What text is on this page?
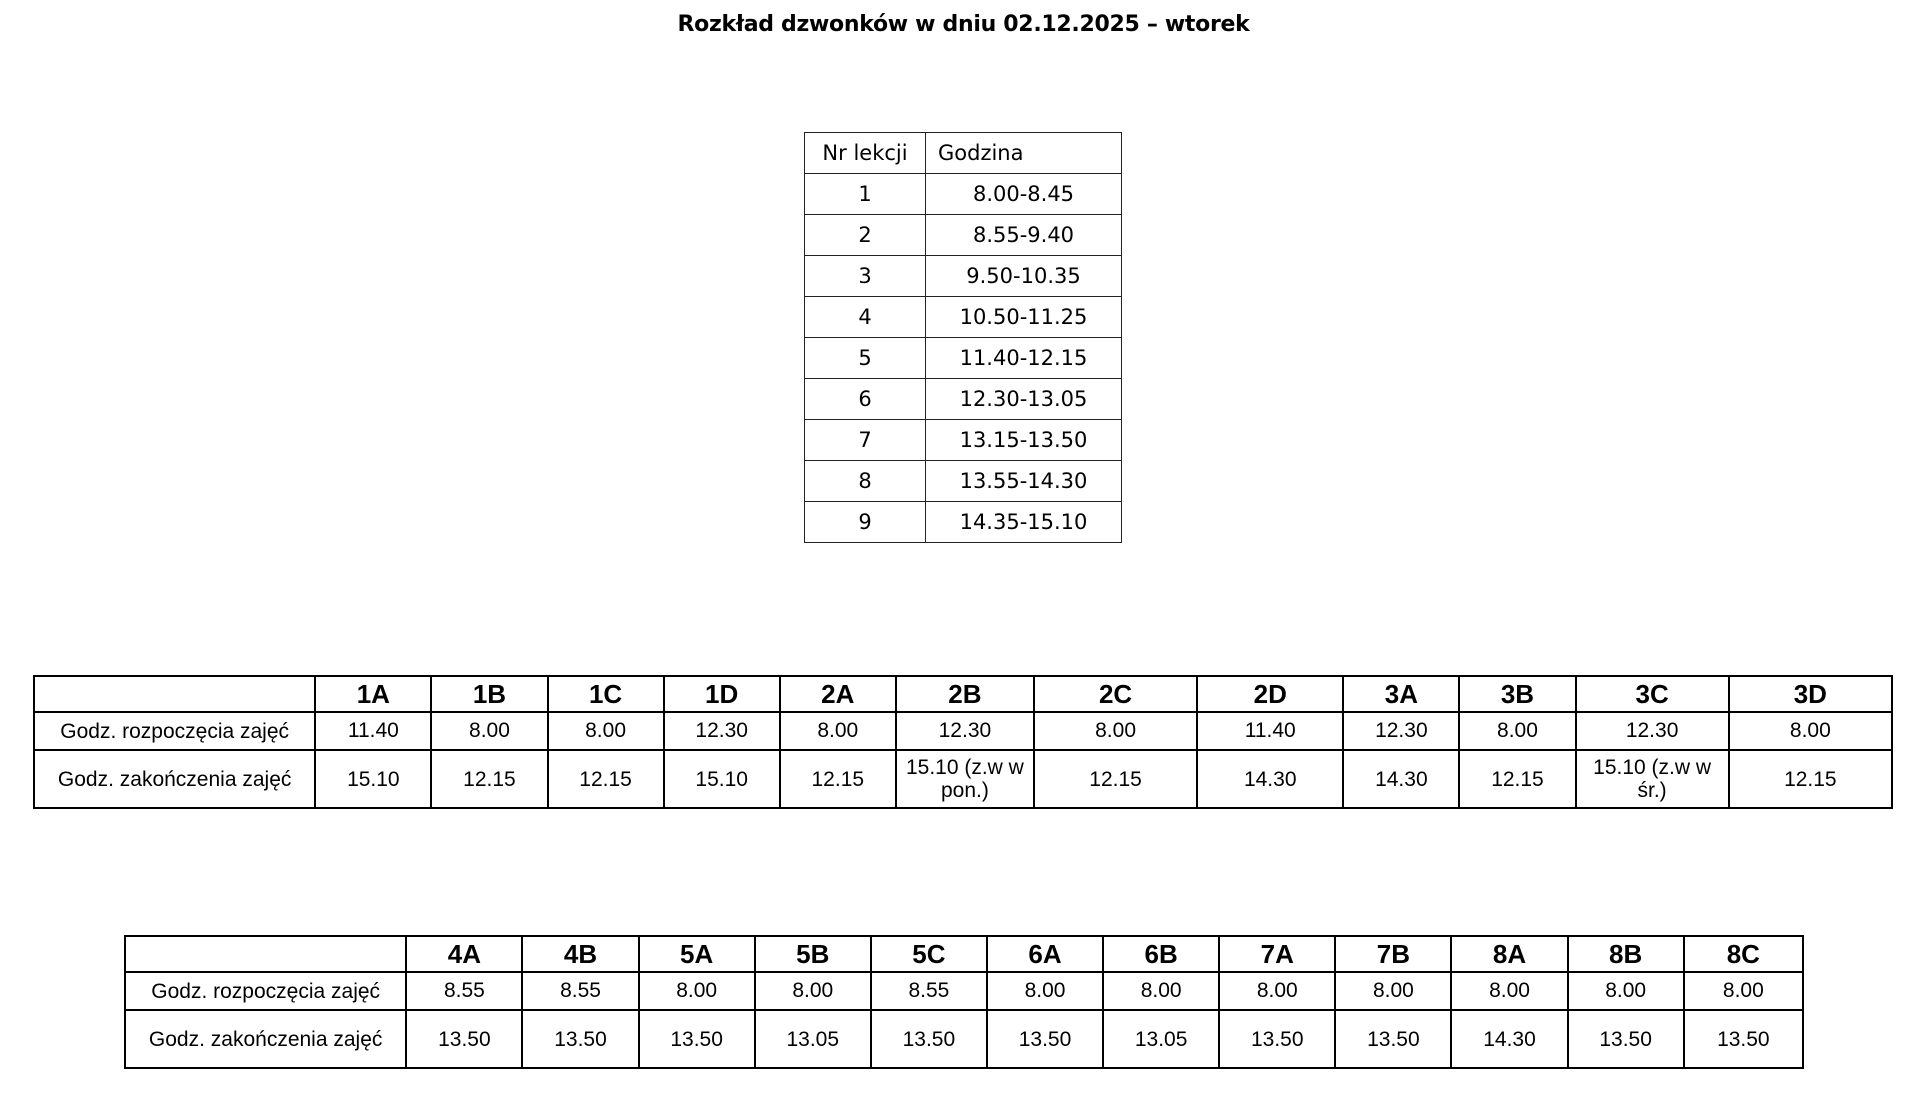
Rozkład dzwonków w dniu 02.12.2025 – wtorek
Nr lekcji	Godzina
1	8.00-8.45
2	8.55-9.40
3	9.50-10.35
4	10.50-11.25
5	11.40-12.15
6	12.30-13.05
7	13.15-13.50
8	13.55-14.30
9	14.35-15.10
	1A	1B	1C	1D	2A	2B	2C	2D	3A	3B	3C	3D
Godz. rozpoczęcia zajęć	11.40	8.00	8.00	12.30	8.00	12.30	8.00	11.40	12.30	8.00	12.30	8.00
Godz. zakończenia zajęć	15.10	12.15	12.15	15.10	12.15	15.10 (z.w w pon.)	12.15	14.30	14.30	12.15	15.10 (z.w w śr.)	12.15
	4A	4B	5A	5B	5C	6A	6B	7A	7B	8A	8B	8C
Godz. rozpoczęcia zajęć	8.55	8.55	8.00	8.00	8.55	8.00	8.00	8.00	8.00	8.00	8.00	8.00
Godz. zakończenia zajęć	13.50	13.50	13.50	13.05	13.50	13.50	13.05	13.50	13.50	14.30	13.50	13.50
